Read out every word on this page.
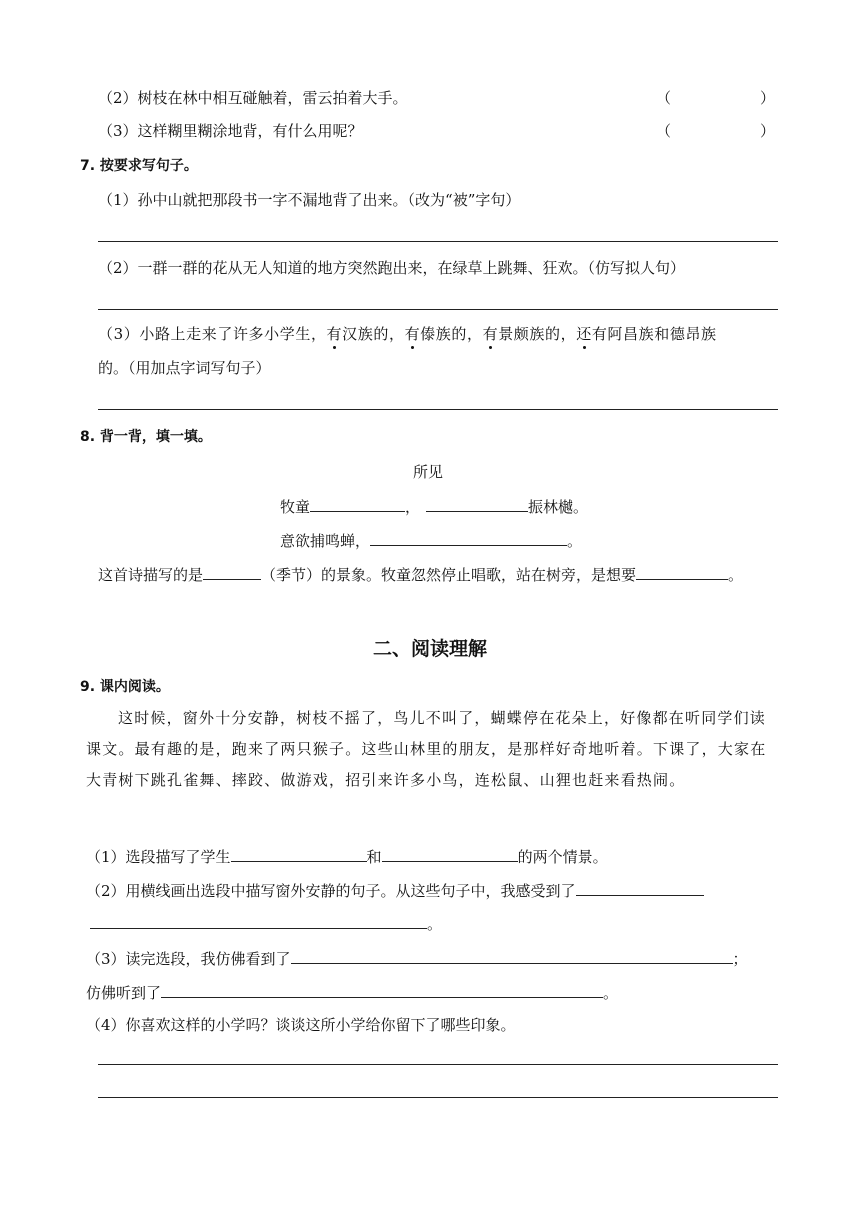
（2）树枝在林中相互碰触着，雷云拍着大手。	（	）
（3）这样糊里糊涂地背，有什么用呢？	（	）
7. 按要求写句子。
（1）孙中山就把那段书一字不漏地背了出来。（改为“被”字句）
（2）一群一群的花从无人知道的地方突然跑出来，在绿草上跳舞、狂欢。（仿写拟人句）
（3）小路上走来了许多小学生，有汉族的，有傣族的，有景颇族的，还有阿昌族和德昂族
的。（用加点字词写句子）
8. 背一背，填一填。
所见
牧童	，	振林樾。
意欲捕鸣蝉，	。
这首诗描写的是	（季节）的景象。牧童忽然停止唱歌，站在树旁，是想要	。
二、阅读理解
9. 课内阅读。
这时候，窗外十分安静，树枝不摇了，鸟儿不叫了，蝴蝶停在花朵上，好像都在听同学们读课文。最有趣的是，跑来了两只猴子。这些山林里的朋友，是那样好奇地听着。下课了，大家在大青树下跳孔雀舞、摔跤、做游戏，招引来许多小鸟，连松鼠、山狸也赶来看热闹。
（1）选段描写了学生	和	的两个情景。
（2）用横线画出选段中描写窗外安静的句子。从这些句子中，我感受到了
。
（3）读完选段，我仿佛看到了	；
仿佛听到了	。
（4）你喜欢这样的小学吗？谈谈这所小学给你留下了哪些印象。
